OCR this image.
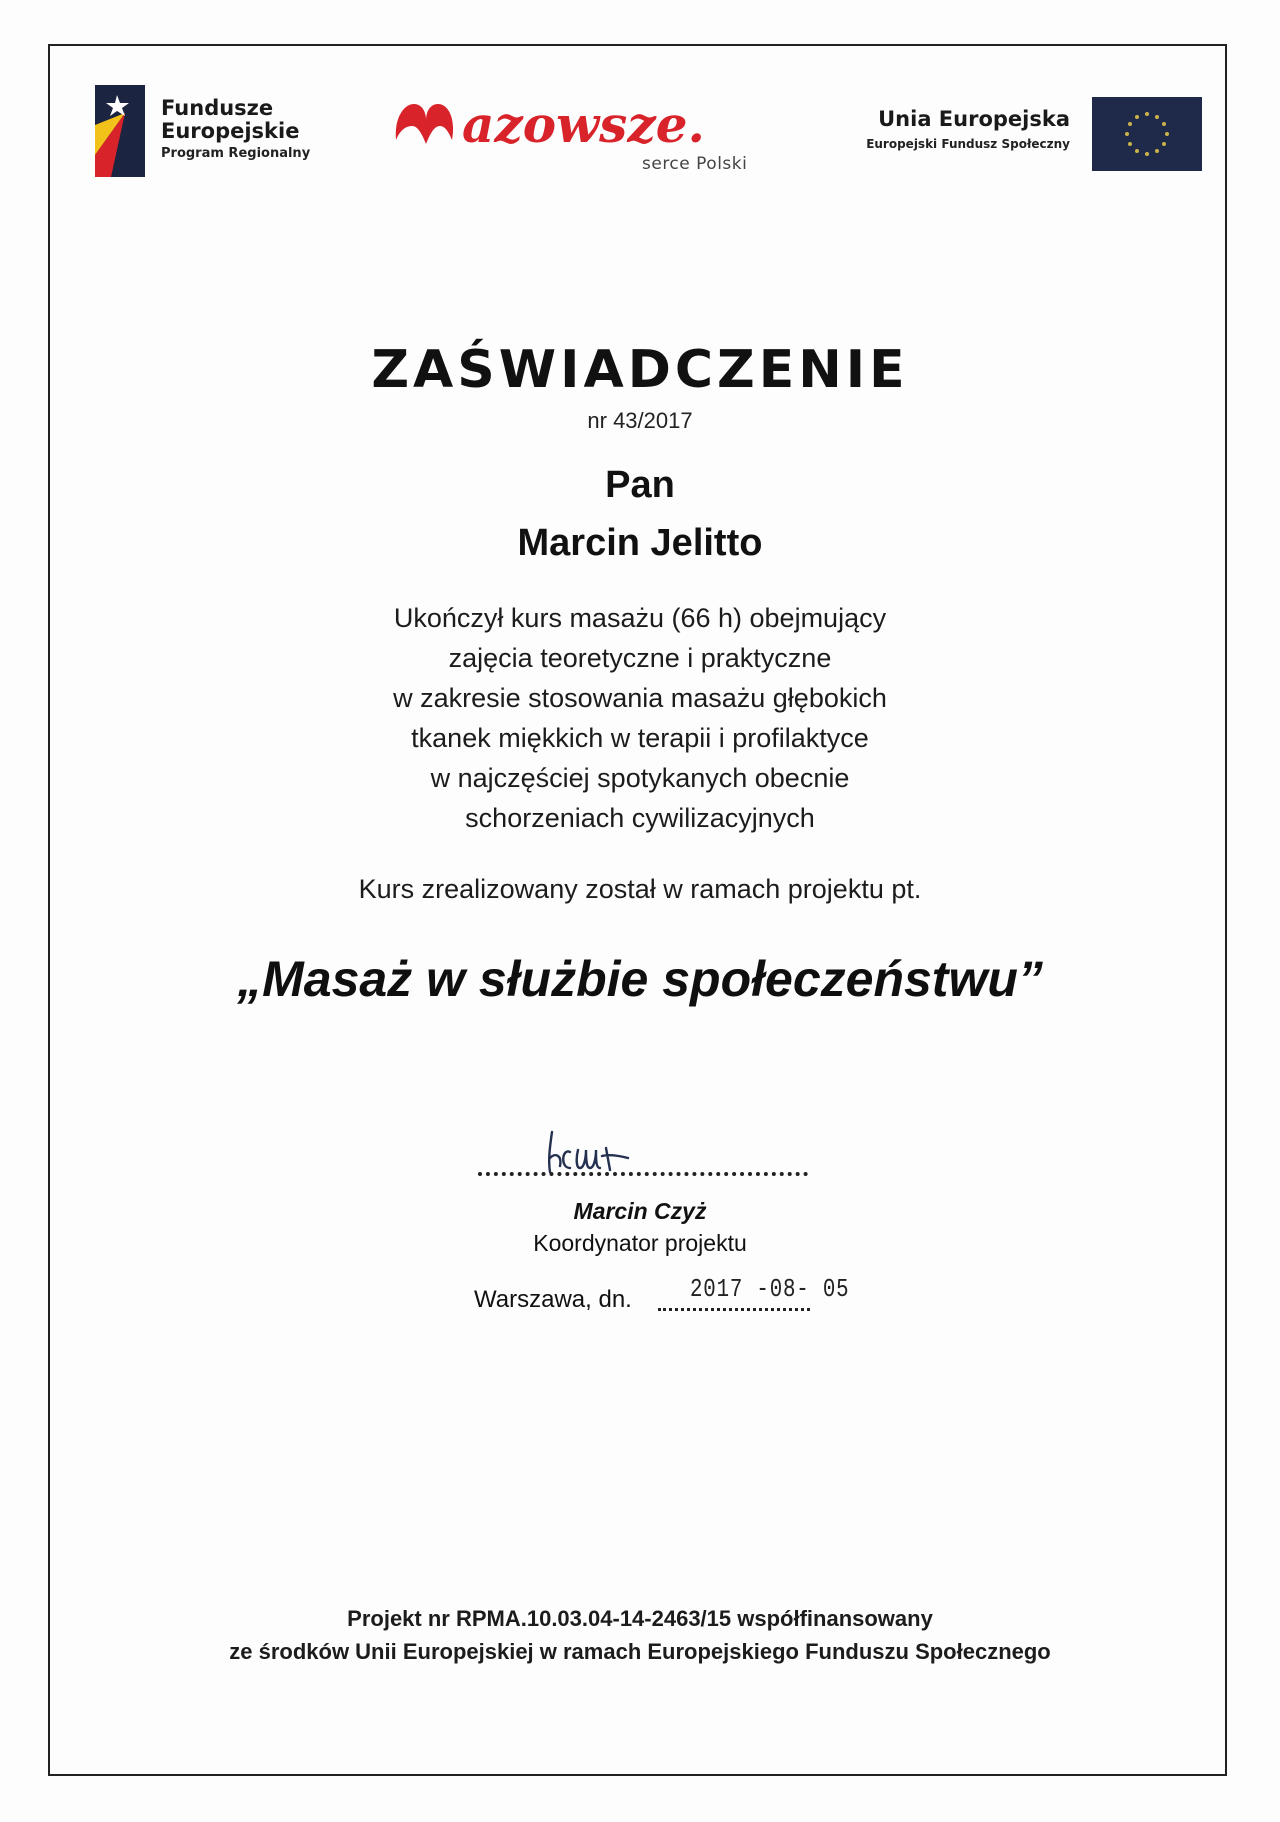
Fundusze
Europejskie
Program Regionalny	azowsze.
serce Polski
Unia Europejska
Europejski Fundusz Społeczny
ZAŚWIADCZENIE
nr 43/2017
Pan
Marcin Jelitto
Ukończył kurs masażu (66 h) obejmujący
zajęcia teoretyczne i praktyczne
w zakresie stosowania masażu głębokich
tkanek miękkich w terapii i profilaktyce
w najczęściej spotykanych obecnie
schorzeniach cywilizacyjnych
Kurs zrealizowany został w ramach projektu pt.
„Masaż w służbie społeczeństwu”
Marcin Czyż
Koordynator projektu
Warszawa, dn. 2017 -08- 05
Projekt nr RPMA.10.03.04-14-2463/15 współfinansowany
ze środków Unii Europejskiej w ramach Europejskiego Funduszu Społecznego
